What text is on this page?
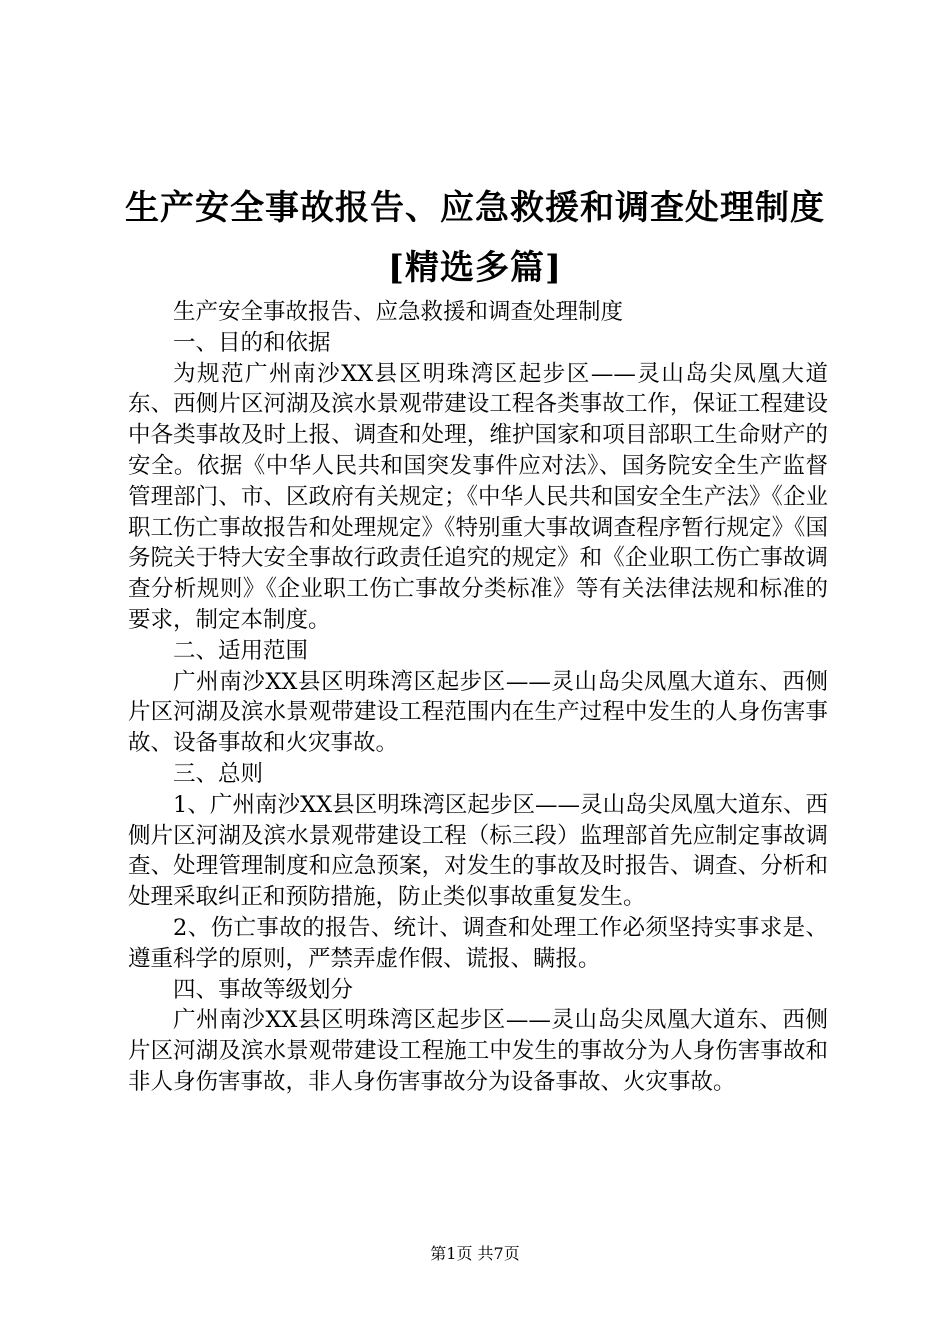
生产安全事故报告、应急救援和调查处理制度
[精选多篇]

生产安全事故报告、应急救援和调查处理制度

一、目的和依据

为规范广州南沙XX县区明珠湾区起步区——灵山岛尖凤凰大道东、西侧片区河湖及滨水景观带建设工程各类事故工作，保证工程建设中各类事故及时上报、调查和处理，维护国家和项目部职工生命财产的安全。依据《中华人民共和国突发事件应对法》、国务院安全生产监督管理部门、市、区政府有关规定；《中华人民共和国安全生产法》《企业职工伤亡事故报告和处理规定》《特别重大事故调查程序暂行规定》《国务院关于特大安全事故行政责任追究的规定》和《企业职工伤亡事故调查分析规则》《企业职工伤亡事故分类标准》等有关法律法规和标准的要求，制定本制度。

二、适用范围

广州南沙XX县区明珠湾区起步区——灵山岛尖凤凰大道东、西侧片区河湖及滨水景观带建设工程范围内在生产过程中发生的人身伤害事故、设备事故和火灾事故。

三、总则

1、广州南沙XX县区明珠湾区起步区——灵山岛尖凤凰大道东、西侧片区河湖及滨水景观带建设工程（标三段）监理部首先应制定事故调查、处理管理制度和应急预案，对发生的事故及时报告、调查、分析和处理采取纠正和预防措施，防止类似事故重复发生。

2、伤亡事故的报告、统计、调查和处理工作必须坚持实事求是、遵重科学的原则，严禁弄虚作假、谎报、瞒报。

四、事故等级划分

广州南沙XX县区明珠湾区起步区——灵山岛尖凤凰大道东、西侧片区河湖及滨水景观带建设工程施工中发生的事故分为人身伤害事故和非人身伤害事故，非人身伤害事故分为设备事故、火灾事故。

第1页 共7页
